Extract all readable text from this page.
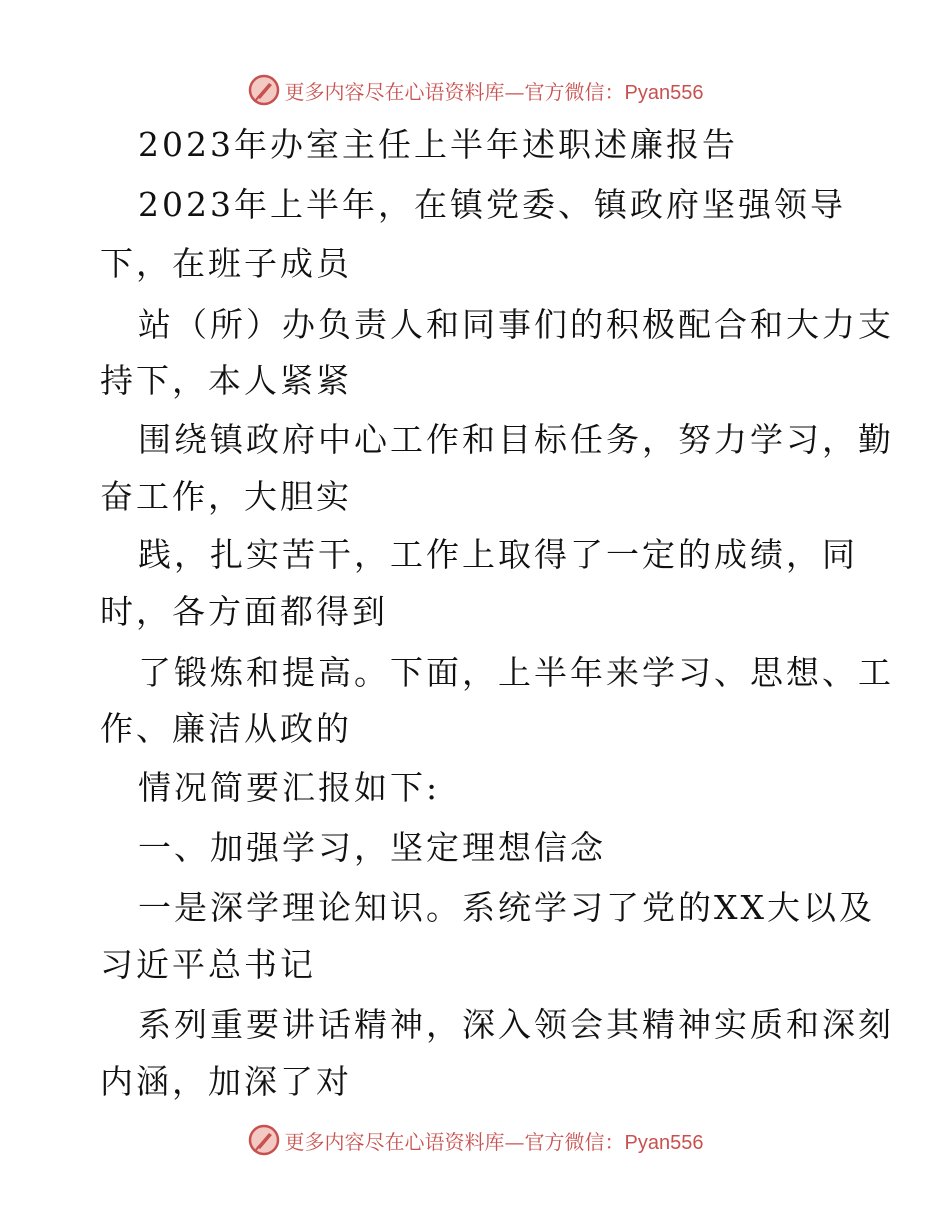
更多内容尽在心语资料库—官方微信：Pyan556
2023年办室主任上半年述职述廉报告
2023年上半年，在镇党委、镇政府坚强领导
下，在班子成员
站（所）办负责人和同事们的积极配合和大力支
持下，本人紧紧
围绕镇政府中心工作和目标任务，努力学习，勤
奋工作，大胆实
践，扎实苦干，工作上取得了一定的成绩，同
时，各方面都得到
了锻炼和提高。下面，上半年来学习、思想、工
作、廉洁从政的
情况简要汇报如下:
一、加强学习，坚定理想信念
一是深学理论知识。系统学习了党的XX大以及
习近平总书记
系列重要讲话精神，深入领会其精神实质和深刻
内涵，加深了对
更多内容尽在心语资料库—官方微信：Pyan556
